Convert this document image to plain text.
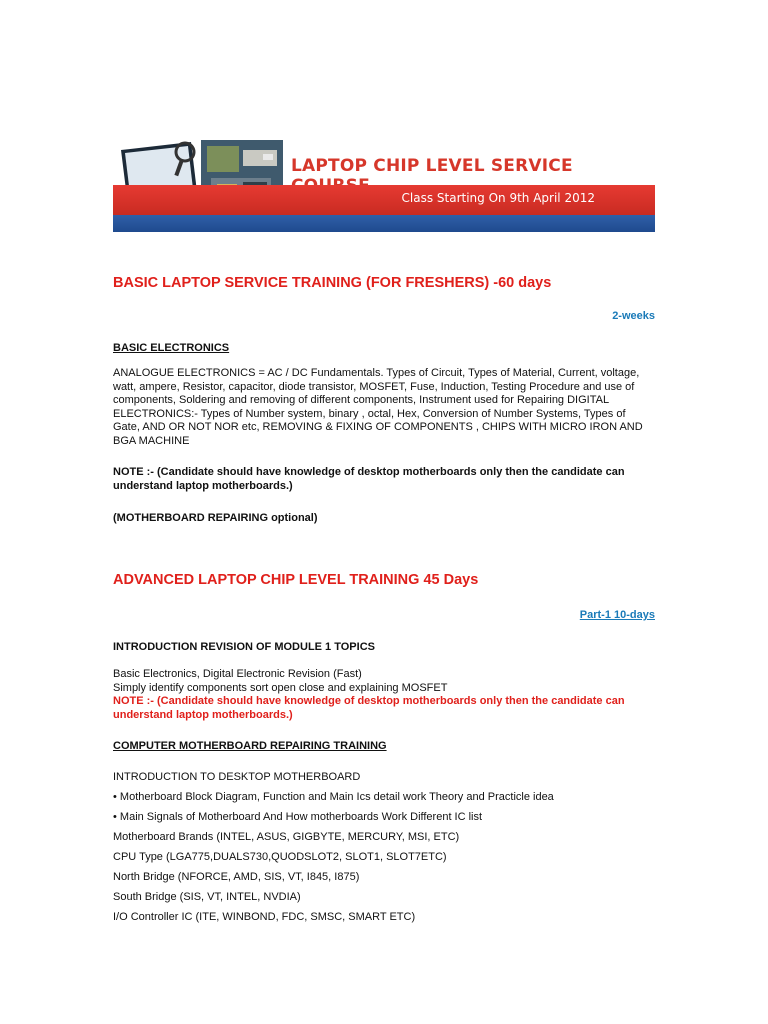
LAPTOP CHIP LEVEL SERVICE
Class Starting On 9th April 2012
BASIC LAPTOP SERVICE TRAINING (FOR FRESHERS) -60 days
2-weeks
BASIC ELECTRONICS
ANALOGUE ELECTRONICS = AC / DC Fundamentals. Types of Circuit, Types of Material, Current, voltage, watt, ampere, Resistor, capacitor, diode transistor, MOSFET, Fuse, Induction, Testing Procedure and use of components, Soldering and removing of different components, Instrument used for Repairing DIGITAL ELECTRONICS:- Types of Number system, binary , octal, Hex, Conversion of Number Systems, Types of Gate, AND OR NOT NOR etc, REMOVING & FIXING OF COMPONENTS , CHIPS WITH MICRO IRON AND BGA MACHINE
NOTE :- (Candidate should have knowledge of desktop motherboards only then the candidate can understand laptop motherboards.)
(MOTHERBOARD REPAIRING optional)
ADVANCED LAPTOP CHIP LEVEL TRAINING 45 Days
Part-1 10-days
INTRODUCTION REVISION OF MODULE 1 TOPICS
Basic Electronics, Digital Electronic Revision (Fast)
Simply identify components sort open close and explaining MOSFET
NOTE :- (Candidate should have knowledge of desktop motherboards only then the candidate can understand laptop motherboards.)
COMPUTER MOTHERBOARD REPAIRING TRAINING
INTRODUCTION TO DESKTOP MOTHERBOARD
• Motherboard Block Diagram, Function and Main Ics detail work Theory and Practicle idea
• Main Signals of Motherboard And How motherboards Work Different IC list
Motherboard Brands (INTEL, ASUS, GIGBYTE, MERCURY, MSI, ETC)
CPU Type (LGA775,DUALS730,QUODSLOT2, SLOT1, SLOT7ETC)
North Bridge (NFORCE, AMD, SIS, VT, I845, I875)
South Bridge (SIS, VT, INTEL, NVDIA)
I/O Controller IC (ITE, WINBOND, FDC, SMSC, SMART ETC)
